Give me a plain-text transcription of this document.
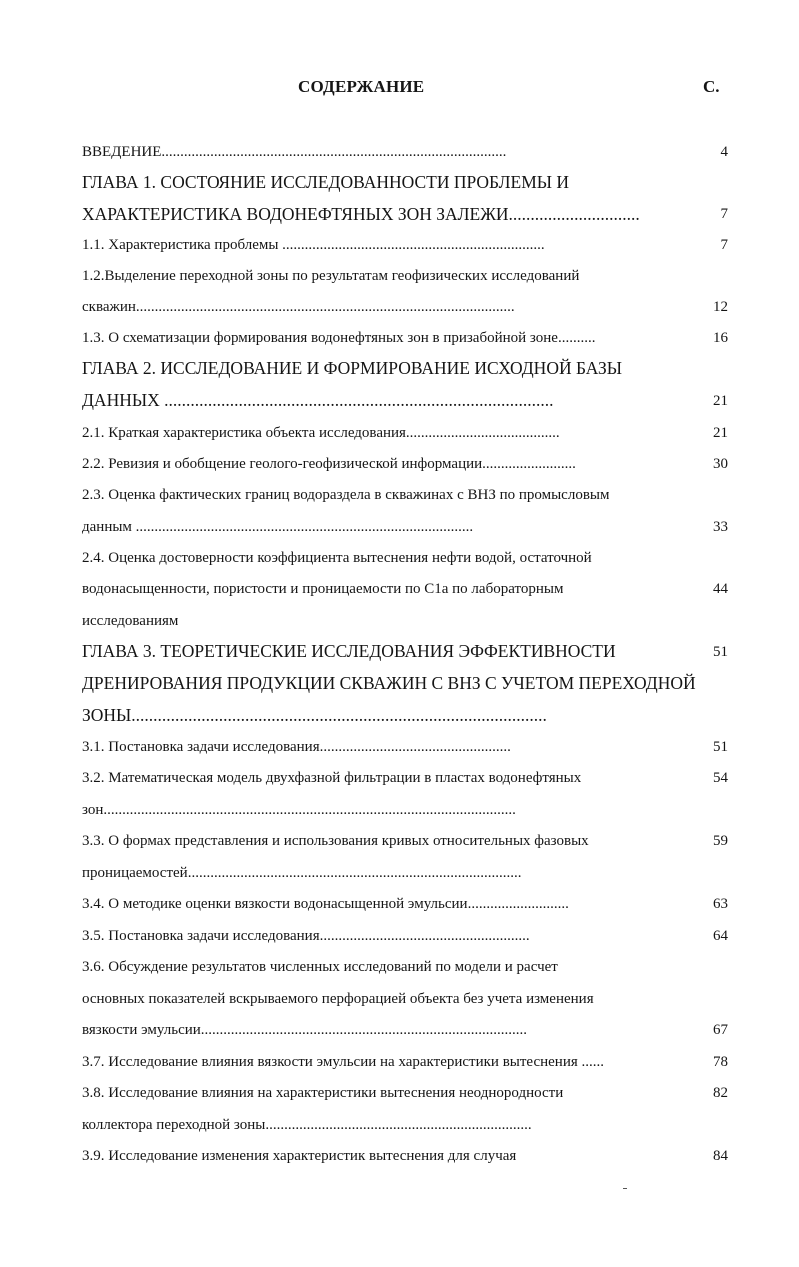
СОДЕРЖАНИЕ	С.
ВВЕДЕНИЕ............................................................................................
ГЛАВА 1. СОСТОЯНИЕ ИССЛЕДОВАННОСТИ ПРОБЛЕМЫ И
ХАРАКТЕРИСТИКА ВОДОНЕФТЯНЫХ ЗОН ЗАЛЕЖИ..............................
1.1. Характеристика проблемы ......................................................................
1.2.Выделение переходной зоны по результатам геофизических исследований
скважин.....................................................................................................
1.3. О схематизации формирования водонефтяных зон в призабойной зоне..........
ГЛАВА 2. ИССЛЕДОВАНИЕ И ФОРМИРОВАНИЕ ИСХОДНОЙ БАЗЫ
ДАННЫХ .........................................................................................
2.1. Краткая характеристика объекта исследования.........................................
2.2. Ревизия и обобщение геолого-геофизической информации.........................
2.3. Оценка фактических границ водораздела в скважинах с ВНЗ по промысловым
данным ..........................................................................................
2.4. Оценка достоверности коэффициента вытеснения нефти водой, остаточной
водонасыщенности, пористости и проницаемости по С1а по лабораторным
исследованиям
ГЛАВА 3. ТЕОРЕТИЧЕСКИЕ ИССЛЕДОВАНИЯ ЭФФЕКТИВНОСТИ
ДРЕНИРОВАНИЯ ПРОДУКЦИИ СКВАЖИН С ВНЗ С УЧЕТОМ ПЕРЕХОДНОЙ
ЗОНЫ...............................................................................................
3.1. Постановка задачи исследования...................................................
3.2. Математическая модель двухфазной фильтрации в пластах водонефтяных
зон..............................................................................................................
3.3. О формах представления и использования кривых относительных фазовых
проницаемостей.........................................................................................
3.4. О методике оценки вязкости водонасыщенной эмульсии...........................
3.5. Постановка задачи исследования........................................................
3.6. Обсуждение результатов численных исследований по модели и расчет
основных показателей вскрываемого перфорацией объекта без учета изменения
вязкости эмульсии.......................................................................................
3.7. Исследование влияния вязкости эмульсии на характеристики вытеснения ......
3.8. Исследование влияния на характеристики вытеснения неоднородности
коллектора переходной зоны.......................................................................
3.9. Исследование изменения характеристик вытеснения для случая
4
7
7
12
16
21
21
30
33
44
51
51
54
59
63
64
67
78
82
84
